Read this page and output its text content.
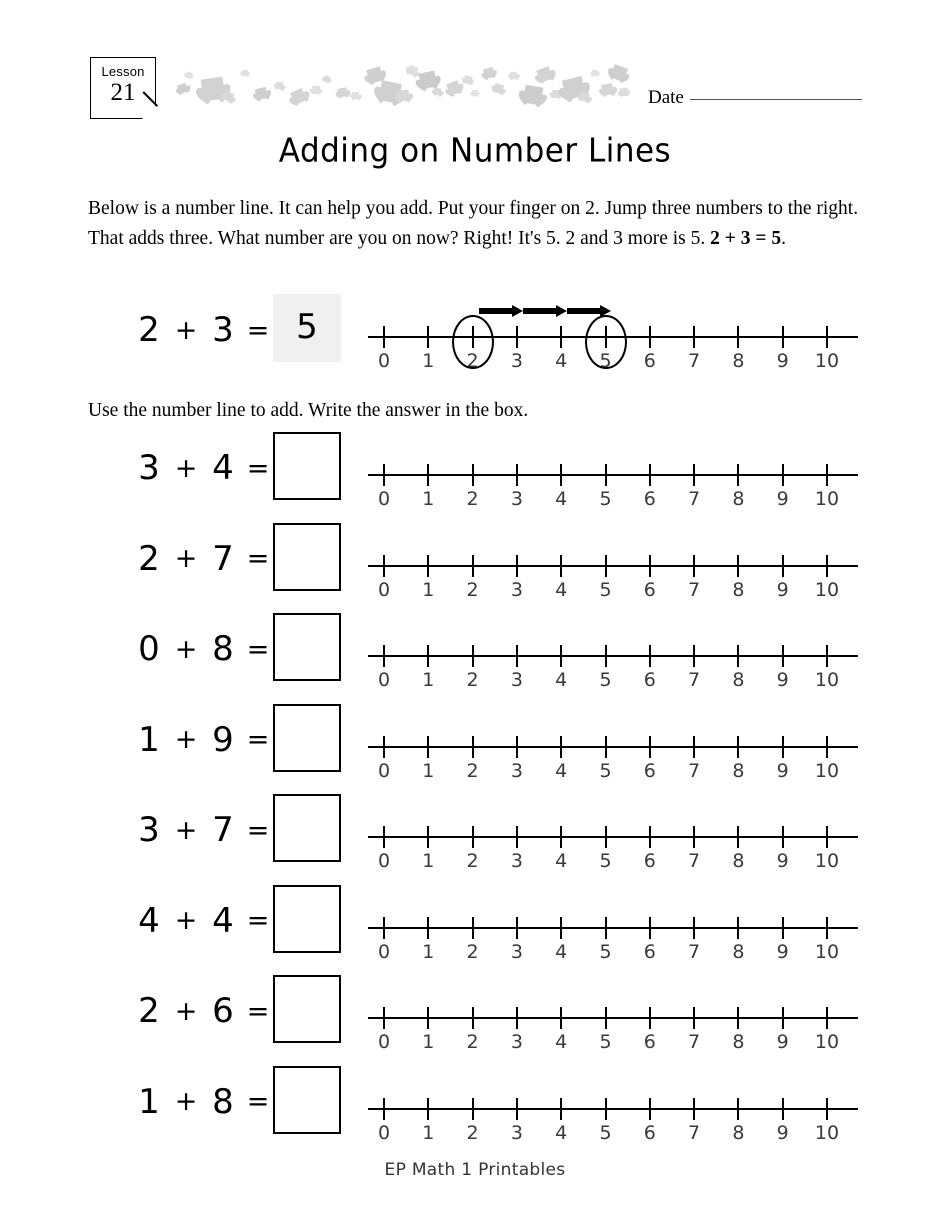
Lesson
21	Date
Adding on Number Lines
Below is a number line. It can help you add. Put your finger on 2. Jump three numbers to the right. That adds three. What number are you on now? Right! It's 5. 2 and 3 more is 5. 2 + 3 = 5.
2 + 3 = 5
0 1 2 3 4 5 6 7 8 9 10
Use the number line to add. Write the answer in the box.
3 + 4 =
0 1 2 3 4 5 6 7 8 9 10
2 + 7 =
0 1 2 3 4 5 6 7 8 9 10
0 + 8 =
0 1 2 3 4 5 6 7 8 9 10
1 + 9 =
0 1 2 3 4 5 6 7 8 9 10
3 + 7 =
0 1 2 3 4 5 6 7 8 9 10
4 + 4 =
0 1 2 3 4 5 6 7 8 9 10
2 + 6 =
0 1 2 3 4 5 6 7 8 9 10
1 + 8 =
0 1 2 3 4 5 6 7 8 9 10
EP Math 1 Printables
